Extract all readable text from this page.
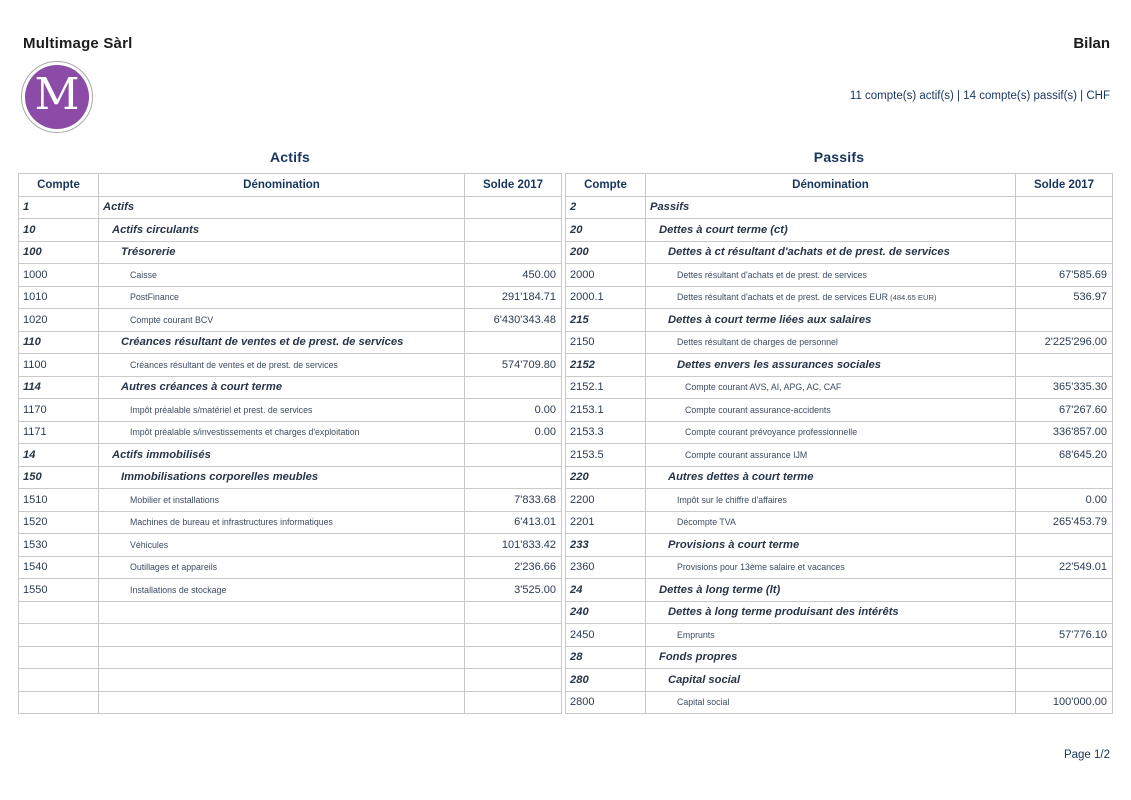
Multimage Sàrl	Bilan
M	11 compte(s) actif(s) | 14 compte(s) passif(s) | CHF
Actifs
Compte	Dénomination	Solde 2017
1	Actifs	
10	Actifs circulants	
100	Trésorerie	
1000	Caisse	450.00
1010	PostFinance	291'184.71
1020	Compte courant BCV	6'430'343.48
110	Créances résultant de ventes et de prest. de services	
1100	Créances résultant de ventes et de prest. de services	574'709.80
114	Autres créances à court terme	
1170	Impôt préalable s/matériel et prest. de services	0.00
1171	Impôt préalable s/investissements et charges d'exploitation	0.00
14	Actifs immobilisés	
150	Immobilisations corporelles meubles	
1510	Mobilier et installations	7'833.68
1520	Machines de bureau et infrastructures informatiques	6'413.01
1530	Véhicules	101'833.42
1540	Outillages et appareils	2'236.66
1550	Installations de stockage	3'525.00

Passifs
Compte	Dénomination	Solde 2017
2	Passifs	
20	Dettes à court terme (ct)	
200	Dettes à ct résultant d'achats et de prest. de services	
2000	Dettes résultant d'achats et de prest. de services	67'585.69
2000.1	Dettes résultant d'achats et de prest. de services EUR (484.65 EUR)	536.97
215	Dettes à court terme liées aux salaires	
2150	Dettes résultant de charges de personnel	2'225'296.00
2152	Dettes envers les assurances sociales	
2152.1	Compte courant AVS, AI, APG, AC, CAF	365'335.30
2153.1	Compte courant assurance-accidents	67'267.60
2153.3	Compte courant prévoyance professionnelle	336'857.00
2153.5	Compte courant assurance IJM	68'645.20
220	Autres dettes à court terme	
2200	Impôt sur le chiffre d'affaires	0.00
2201	Décompte TVA	265'453.79
233	Provisions à court terme	
2360	Provisions pour 13ème salaire et vacances	22'549.01
24	Dettes à long terme (lt)	
240	Dettes à long terme produisant des intérêts	
2450	Emprunts	57'776.10
28	Fonds propres	
280	Capital social	
2800	Capital social	100'000.00
Page 1/2
